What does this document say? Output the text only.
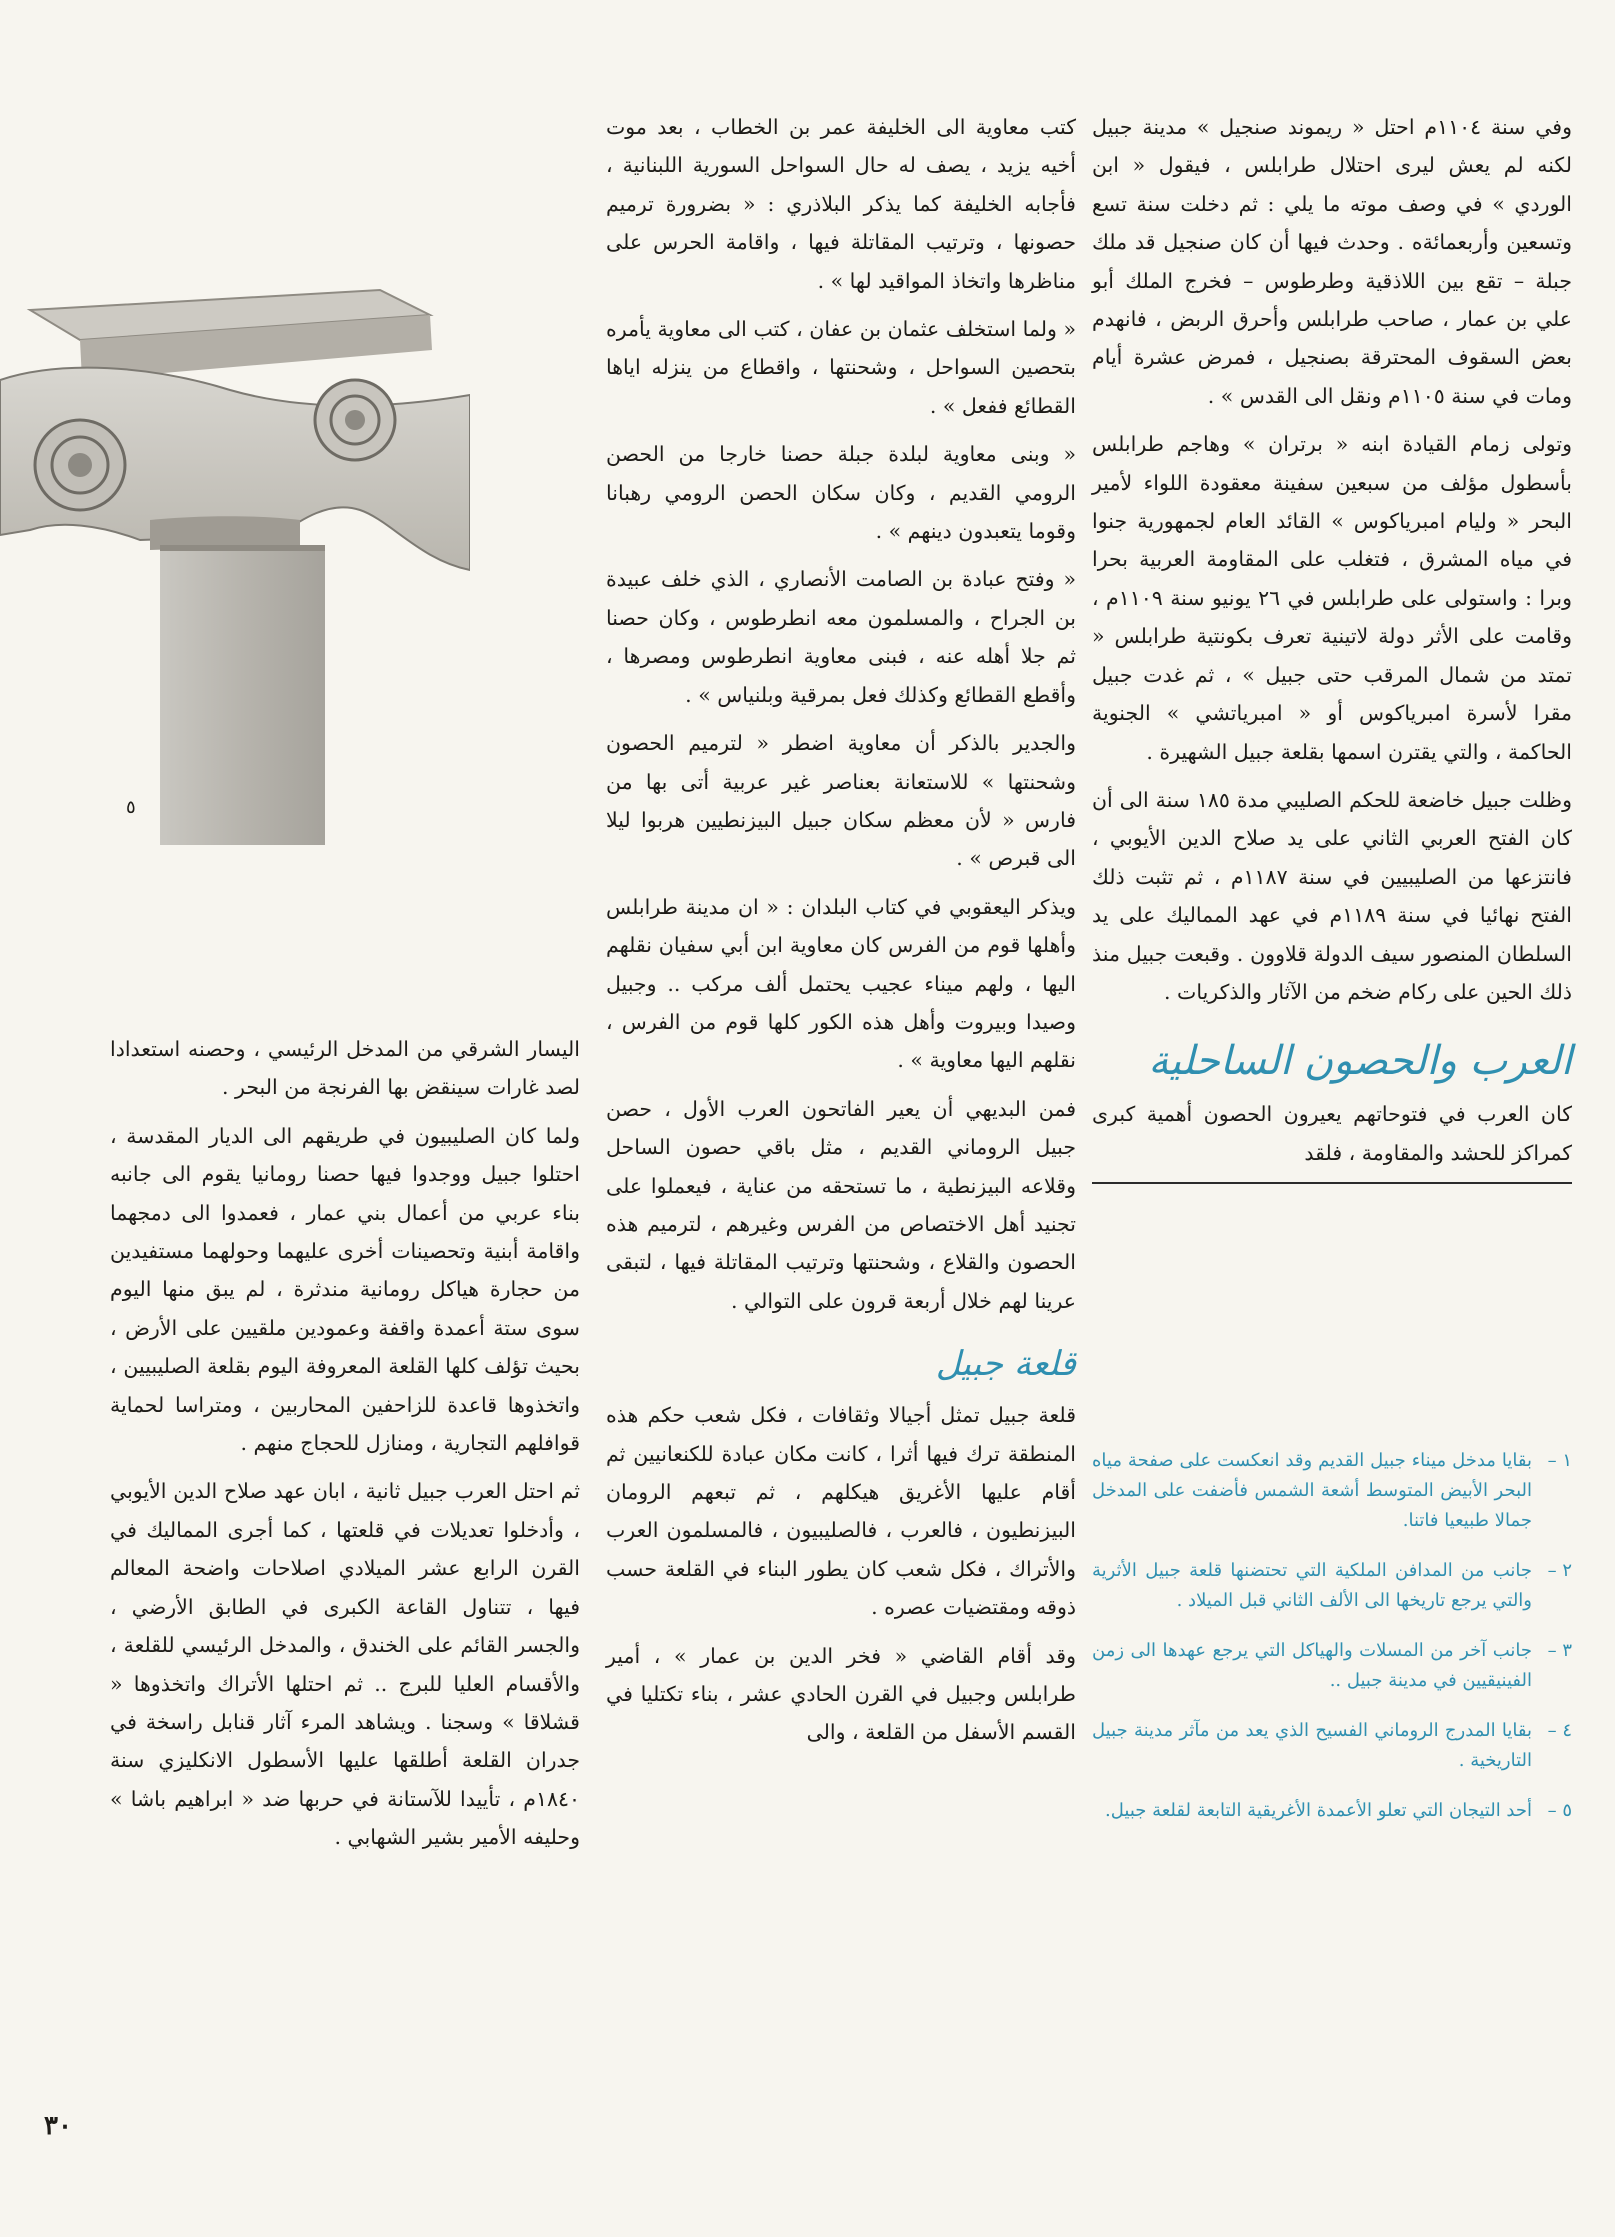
٥

وفي سنة ١١٠٤م احتل « ريموند صنجيل » مدينة جبيل لكنه لم يعش ليرى احتلال طرابلس ، فيقول « ابن الوردي » في وصف موته ما يلي : ثم دخلت سنة تسع وتسعين وأربعمائةه . وحدث فيها أن كان صنجيل قد ملك جبلة – تقع بين اللاذقية وطرطوس – فخرج الملك أبو علي بن عمار ، صاحب طرابلس وأحرق الربض ، فانهدم بعض السقوف المحترقة بصنجيل ، فمرض عشرة أيام ومات في سنة ١١٠٥م ونقل الى القدس » .

وتولى زمام القيادة ابنه « برتران » وهاجم طرابلس بأسطول مؤلف من سبعين سفينة معقودة اللواء لأمير البحر « وليام امبرياكوس » القائد العام لجمهورية جنوا في مياه المشرق ، فتغلب على المقاومة العربية بحرا وبرا : واستولى على طرابلس في ٢٦ يونيو سنة ١١٠٩م ، وقامت على الأثر دولة لاتينية تعرف بكونتية طرابلس « تمتد من شمال المرقب حتى جبيل » ، ثم غدت جبيل مقرا لأسرة امبرياكوس أو « امبرياتشي » الجنوية الحاكمة ، والتي يقترن اسمها بقلعة جبيل الشهيرة .

وظلت جبيل خاضعة للحكم الصليبي مدة ١٨٥ سنة الى أن كان الفتح العربي الثاني على يد صلاح الدين الأيوبي ، فانتزعها من الصليبيين في سنة ١١٨٧م ، ثم تثبت ذلك الفتح نهائيا في سنة ١١٨٩م في عهد المماليك على يد السلطان المنصور سيف الدولة قلاوون . وقبعت جبيل منذ ذلك الحين على ركام ضخم من الآثار والذكريات .

العرب والحصون الساحلية

كان العرب في فتوحاتهم يعيرون الحصون أهمية كبرى كمراكز للحشد والمقاومة ، فلقد

١ –
بقايا مدخل ميناء جبيل القديم وقد انعكست على صفحة مياه البحر الأبيض المتوسط أشعة الشمس فأضفت على المدخل جمالا طبيعيا فاتنا.
٢ –
جانب من المدافن الملكية التي تحتضنها قلعة جبيل الأثرية والتي يرجع تاريخها الى الألف الثاني قبل الميلاد .
٣ –
جانب آخر من المسلات والهياكل التي يرجع عهدها الى زمن الفينيقيين في مدينة جبيل ..
٤ –
بقايا المدرج الروماني الفسيح الذي يعد من مآثر مدينة جبيل التاريخية .
٥ –
أحد التيجان التي تعلو الأعمدة الأغريقية التابعة لقلعة جبيل.

كتب معاوية الى الخليفة عمر بن الخطاب ، بعد موت أخيه يزيد ، يصف له حال السواحل السورية اللبنانية ، فأجابه الخليفة كما يذكر البلاذري : « بضرورة ترميم حصونها ، وترتيب المقاتلة فيها ، واقامة الحرس على مناظرها واتخاذ المواقيد لها » .

« ولما استخلف عثمان بن عفان ، كتب الى معاوية يأمره بتحصين السواحل ، وشحنتها ، واقطاع من ينزله اياها القطائع ففعل » .

« وبنى معاوية لبلدة جبلة حصنا خارجا من الحصن الرومي القديم ، وكان سكان الحصن الرومي رهبانا وقوما يتعبدون دينهم » .

« وفتح عبادة بن الصامت الأنصاري ، الذي خلف عبيدة بن الجراح ، والمسلمون معه انطرطوس ، وكان حصنا ثم جلا أهله عنه ، فبنى معاوية انطرطوس ومصرها ، وأقطع القطائع وكذلك فعل بمرقية وبلنياس » .

والجدير بالذكر أن معاوية اضطر « لترميم الحصون وشحنتها » للاستعانة بعناصر غير عربية أتى بها من فارس « لأن معظم سكان جبيل البيزنطيين هربوا ليلا الى قبرص » .

ويذكر اليعقوبي في كتاب البلدان : « ان مدينة طرابلس وأهلها قوم من الفرس كان معاوية ابن أبي سفيان نقلهم اليها ، ولهم ميناء عجيب يحتمل ألف مركب .. وجبيل وصيدا وبيروت وأهل هذه الكور كلها قوم من الفرس ، نقلهم اليها معاوية » .

فمن البديهي أن يعير الفاتحون العرب الأول ، حصن جبيل الروماني القديم ، مثل باقي حصون الساحل وقلاعه البيزنطية ، ما تستحقه من عناية ، فيعملوا على تجنيد أهل الاختصاص من الفرس وغيرهم ، لترميم هذه الحصون والقلاع ، وشحنتها وترتيب المقاتلة فيها ، لتبقى عرينا لهم خلال أربعة قرون على التوالي .

قلعة جبيل

قلعة جبيل تمثل أجيالا وثقافات ، فكل شعب حكم هذه المنطقة ترك فيها أثرا ، كانت مكان عبادة للكنعانيين ثم أقام عليها الأغريق هيكلهم ، ثم تبعهم الرومان البيزنطيون ، فالعرب ، فالصليبيون ، فالمسلمون العرب والأتراك ، فكل شعب كان يطور البناء في القلعة حسب ذوقه ومقتضيات عصره .

وقد أقام القاضي « فخر الدين بن عمار » ، أمير طرابلس وجبيل في القرن الحادي عشر ، بناء تكتليا في القسم الأسفل من القلعة ، والى

اليسار الشرقي من المدخل الرئيسي ، وحصنه استعدادا لصد غارات سينقض بها الفرنجة من البحر .

ولما كان الصليبيون في طريقهم الى الديار المقدسة ، احتلوا جبيل ووجدوا فيها حصنا رومانيا يقوم الى جانبه بناء عربي من أعمال بني عمار ، فعمدوا الى دمجهما واقامة أبنية وتحصينات أخرى عليهما وحولهما مستفيدين من حجارة هياكل رومانية مندثرة ، لم يبق منها اليوم سوى ستة أعمدة واقفة وعمودين ملقيين على الأرض ، بحيث تؤلف كلها القلعة المعروفة اليوم بقلعة الصليبيين ، واتخذوها قاعدة للزاحفين المحاربين ، ومتراسا لحماية قوافلهم التجارية ، ومنازل للحجاج منهم .

ثم احتل العرب جبيل ثانية ، ابان عهد صلاح الدين الأيوبي ، وأدخلوا تعديلات في قلعتها ، كما أجرى المماليك في القرن الرابع عشر الميلادي اصلاحات واضحة المعالم فيها ، تتناول القاعة الكبرى في الطابق الأرضي ، والجسر القائم على الخندق ، والمدخل الرئيسي للقلعة ، والأقسام العليا للبرج .. ثم احتلها الأتراك واتخذوها « قشلاقا » وسجنا . ويشاهد المرء آثار قنابل راسخة في جدران القلعة أطلقها عليها الأسطول الانكليزي سنة ١٨٤٠م ، تأييدا للآستانة في حربها ضد « ابراهيم باشا » وحليفه الأمير بشير الشهابي .

٣٠
